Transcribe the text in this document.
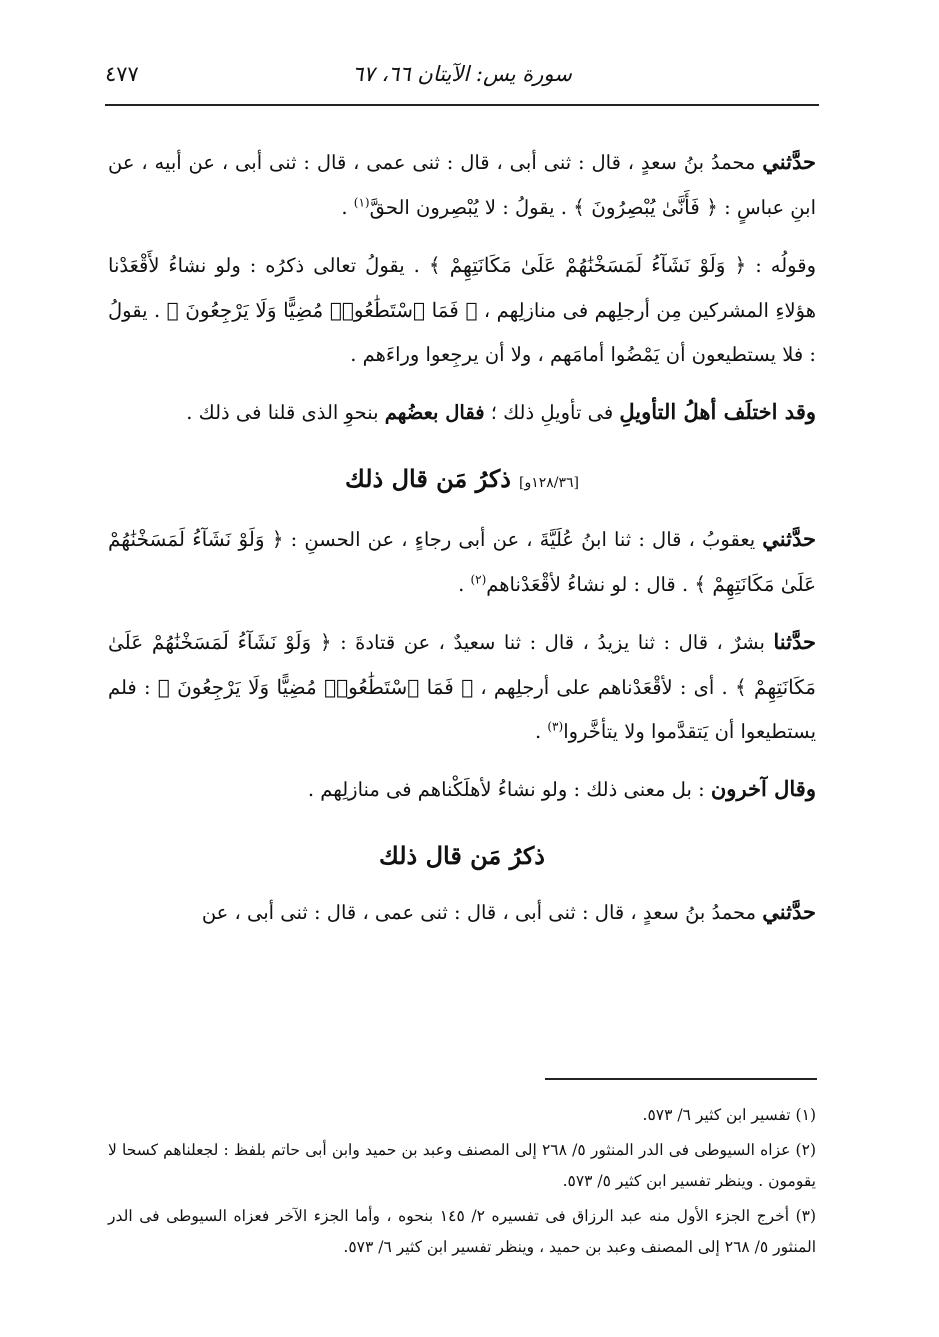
سورة يس: الآيتان ٦٦، ٦٧
٤٧٧

حدَّثني محمدُ بنُ سعدٍ ، قال : ثنى أبى ، قال : ثنى عمى ، قال : ثنى أبى ، عن أبيه ، عن ابنِ عباسٍ : ﴿ فَأَنَّىٰ يُبْصِرُونَ ﴾ . يقولُ : لا يُبْصِرون الحقَّ$^{(١)}$ .

وقولُه : ﴿ وَلَوْ نَشَآءُ لَمَسَخْنَٰهُمْ عَلَىٰ مَكَانَتِهِمْ ﴾ . يقولُ تعالى ذكرُه : ولو نشاءُ لأَقْعَدْنا هؤلاءِ المشركين مِن أرجلِهم فى منازلِهم ، ﴿ فَمَا ٱسْتَطَٰعُوا۟ مُضِيًّا وَلَا يَرْجِعُونَ ﴾ . يقولُ : فلا يستطيعون أن يَمْضُوا أمامَهم ، ولا أن يرجِعوا وراءَهم .

وقد اختلَف أهلُ التأويلِ فى تأويلِ ذلك ؛ فقال بعضُهم بنحوِ الذى قلنا فى ذلك .

[١٢٨/٣٦و]ذكرُ مَن قال ذلك

حدَّثني يعقوبُ ، قال : ثنا ابنُ عُلَيَّةَ ، عن أبى رجاءٍ ، عن الحسنِ : ﴿ وَلَوْ نَشَآءُ لَمَسَخْنَٰهُمْ عَلَىٰ مَكَانَتِهِمْ ﴾ . قال : لو نشاءُ لأقْعَدْناهم$^{(٢)}$ .

حدَّثنا بشرٌ ، قال : ثنا يزيدُ ، قال : ثنا سعيدٌ ، عن قتادةَ : ﴿ وَلَوْ نَشَآءُ لَمَسَخْنَٰهُمْ عَلَىٰ مَكَانَتِهِمْ ﴾ . أى : لأقْعَدْناهم على أرجلِهم ، ﴿ فَمَا ٱسْتَطَٰعُوا۟ مُضِيًّا وَلَا يَرْجِعُونَ ﴾ : فلم يستطيعوا أن يَتقدَّموا ولا يتأخَّروا$^{(٣)}$ .

وقال آخرون : بل معنى ذلك : ولو نشاءُ لأهلَكْناهم فى منازلِهم .

ذكرُ مَن قال ذلك

حدَّثني محمدُ بنُ سعدٍ ، قال : ثنى أبى ، قال : ثنى عمى ، قال : ثنى أبى ، عن

(١) تفسير ابن كثير ٦/ ٥٧٣.

(٢) عزاه السيوطى فى الدر المنثور ٥/ ٢٦٨ إلى المصنف وعبد بن حميد وابن أبى حاتم بلفظ : لجعلناهم كسحا لا يقومون . وينظر تفسير ابن كثير ٥/ ٥٧٣.

(٣) أخرج الجزء الأول منه عبد الرزاق فى تفسيره ٢/ ١٤٥ بنحوه ، وأما الجزء الآخر فعزاه السيوطى فى الدر المنثور ٥/ ٢٦٨ إلى المصنف وعبد بن حميد ، وينظر تفسير ابن كثير ٦/ ٥٧٣.
